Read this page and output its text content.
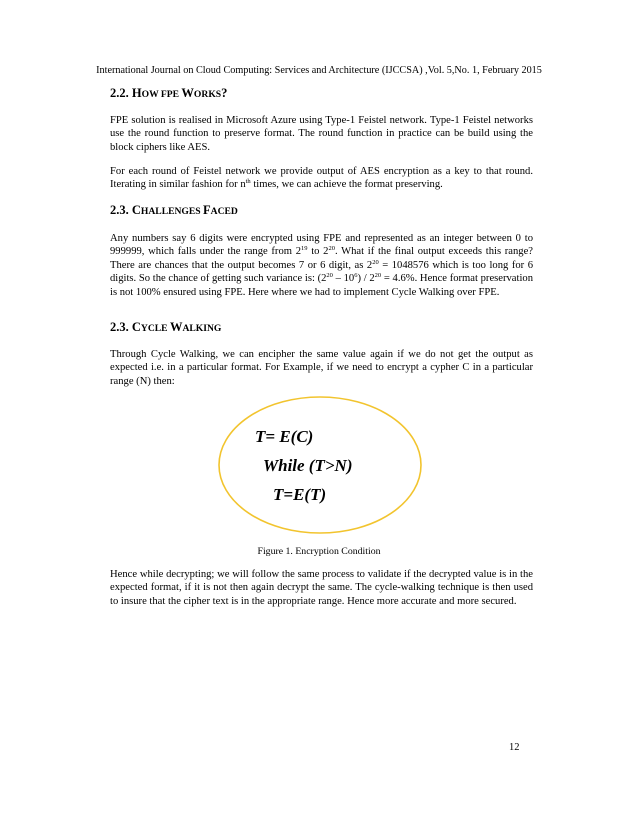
International Journal on Cloud Computing: Services and Architecture (IJCCSA) ,Vol. 5,No. 1, February 2015
2.2. HOW FPE WORKS?

FPE solution is realised in Microsoft Azure using Type-1 Feistel network. Type-1 Feistel networks use the round function to preserve format. The round function in practice can be build using the block ciphers like AES.

For each round of Feistel network we provide output of AES encryption as a key to that round. Iterating in similar fashion for $n^{th}$ times, we can achieve the format preserving.

2.3. CHALLENGES FACED

Any numbers say 6 digits were encrypted using FPE and represented as an integer between 0 to 999999, which falls under the range from $2^{19}$ to $2^{20}$. What if the final output exceeds this range? There are chances that the output becomes 7 or 6 digit, as $2^{20} = 1048576$ which is too long for 6 digits. So the chance of getting such variance is: $(2^{20} - 10^6) / 2^{20} = 4.6\%$. Hence format preservation is not 100% ensured using FPE. Here where we had to implement Cycle Walking over FPE.

2.3. CYCLE WALKING

Through Cycle Walking, we can encipher the same value again if we do not get the output as expected i.e. in a particular format. For Example, if we need to encrypt a cypher C in a particular range (N) then:

T= E(C)
While (T>N)
T=E(T)
Figure 1. Encryption Condition

Hence while decrypting; we will follow the same process to validate if the decrypted value is in the expected format, if it is not then again decrypt the same. The cycle-walking technique is then used to insure that the cipher text is in the appropriate range. Hence more accurate and more secured.

12
